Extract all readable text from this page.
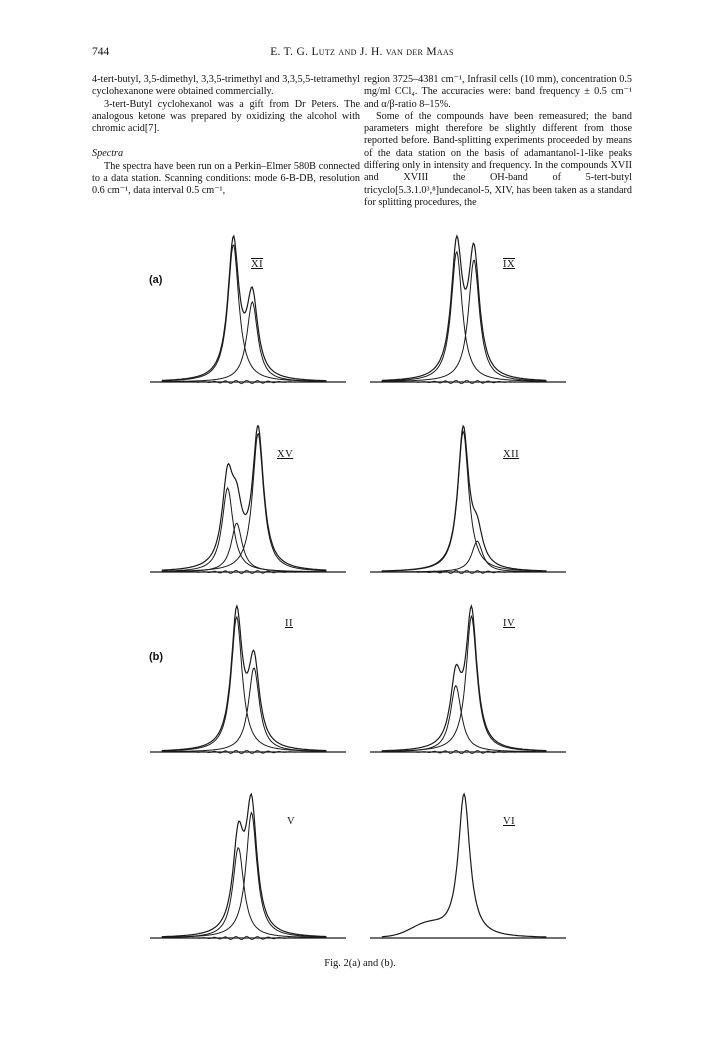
744	E. T. G. Lutz and J. H. van der Maas

4-tert-butyl, 3,5-dimethyl, 3,3,5-trimethyl and 3,3,5,5-tetramethyl cyclohexanone were obtained commercially.

3-tert-Butyl cyclohexanol was a gift from Dr Peters. The analogous ketone was prepared by oxidizing the alcohol with chromic acid[7].

Spectra

The spectra have been run on a Perkin–Elmer 580B connected to a data station. Scanning conditions: mode 6-B-DB, resolution 0.6 cm⁻¹, data interval 0.5 cm⁻¹,

region 3725–4381 cm⁻¹, Infrasil cells (10 mm), concentration 0.5 mg/ml CCl₄. The accuracies were: band frequency ± 0.5 cm⁻¹ and α/β-ratio 8–15%.

Some of the compounds have been remeasured; the band parameters might therefore be slightly different from those reported before. Band-splitting experiments proceeded by means of the data station on the basis of adamantanol-1-like peaks differing only in intensity and frequency. In the compounds XVII and XVIII the OH-band of 5-tert-butyl tricyclo[5.3.1.0³,⁸]undecanol-5, XIV, has been taken as a standard for splitting procedures, the

(a)
(b)
XI	IX
XV	XII
II	IV
V	VI
Fig. 2(a) and (b).
